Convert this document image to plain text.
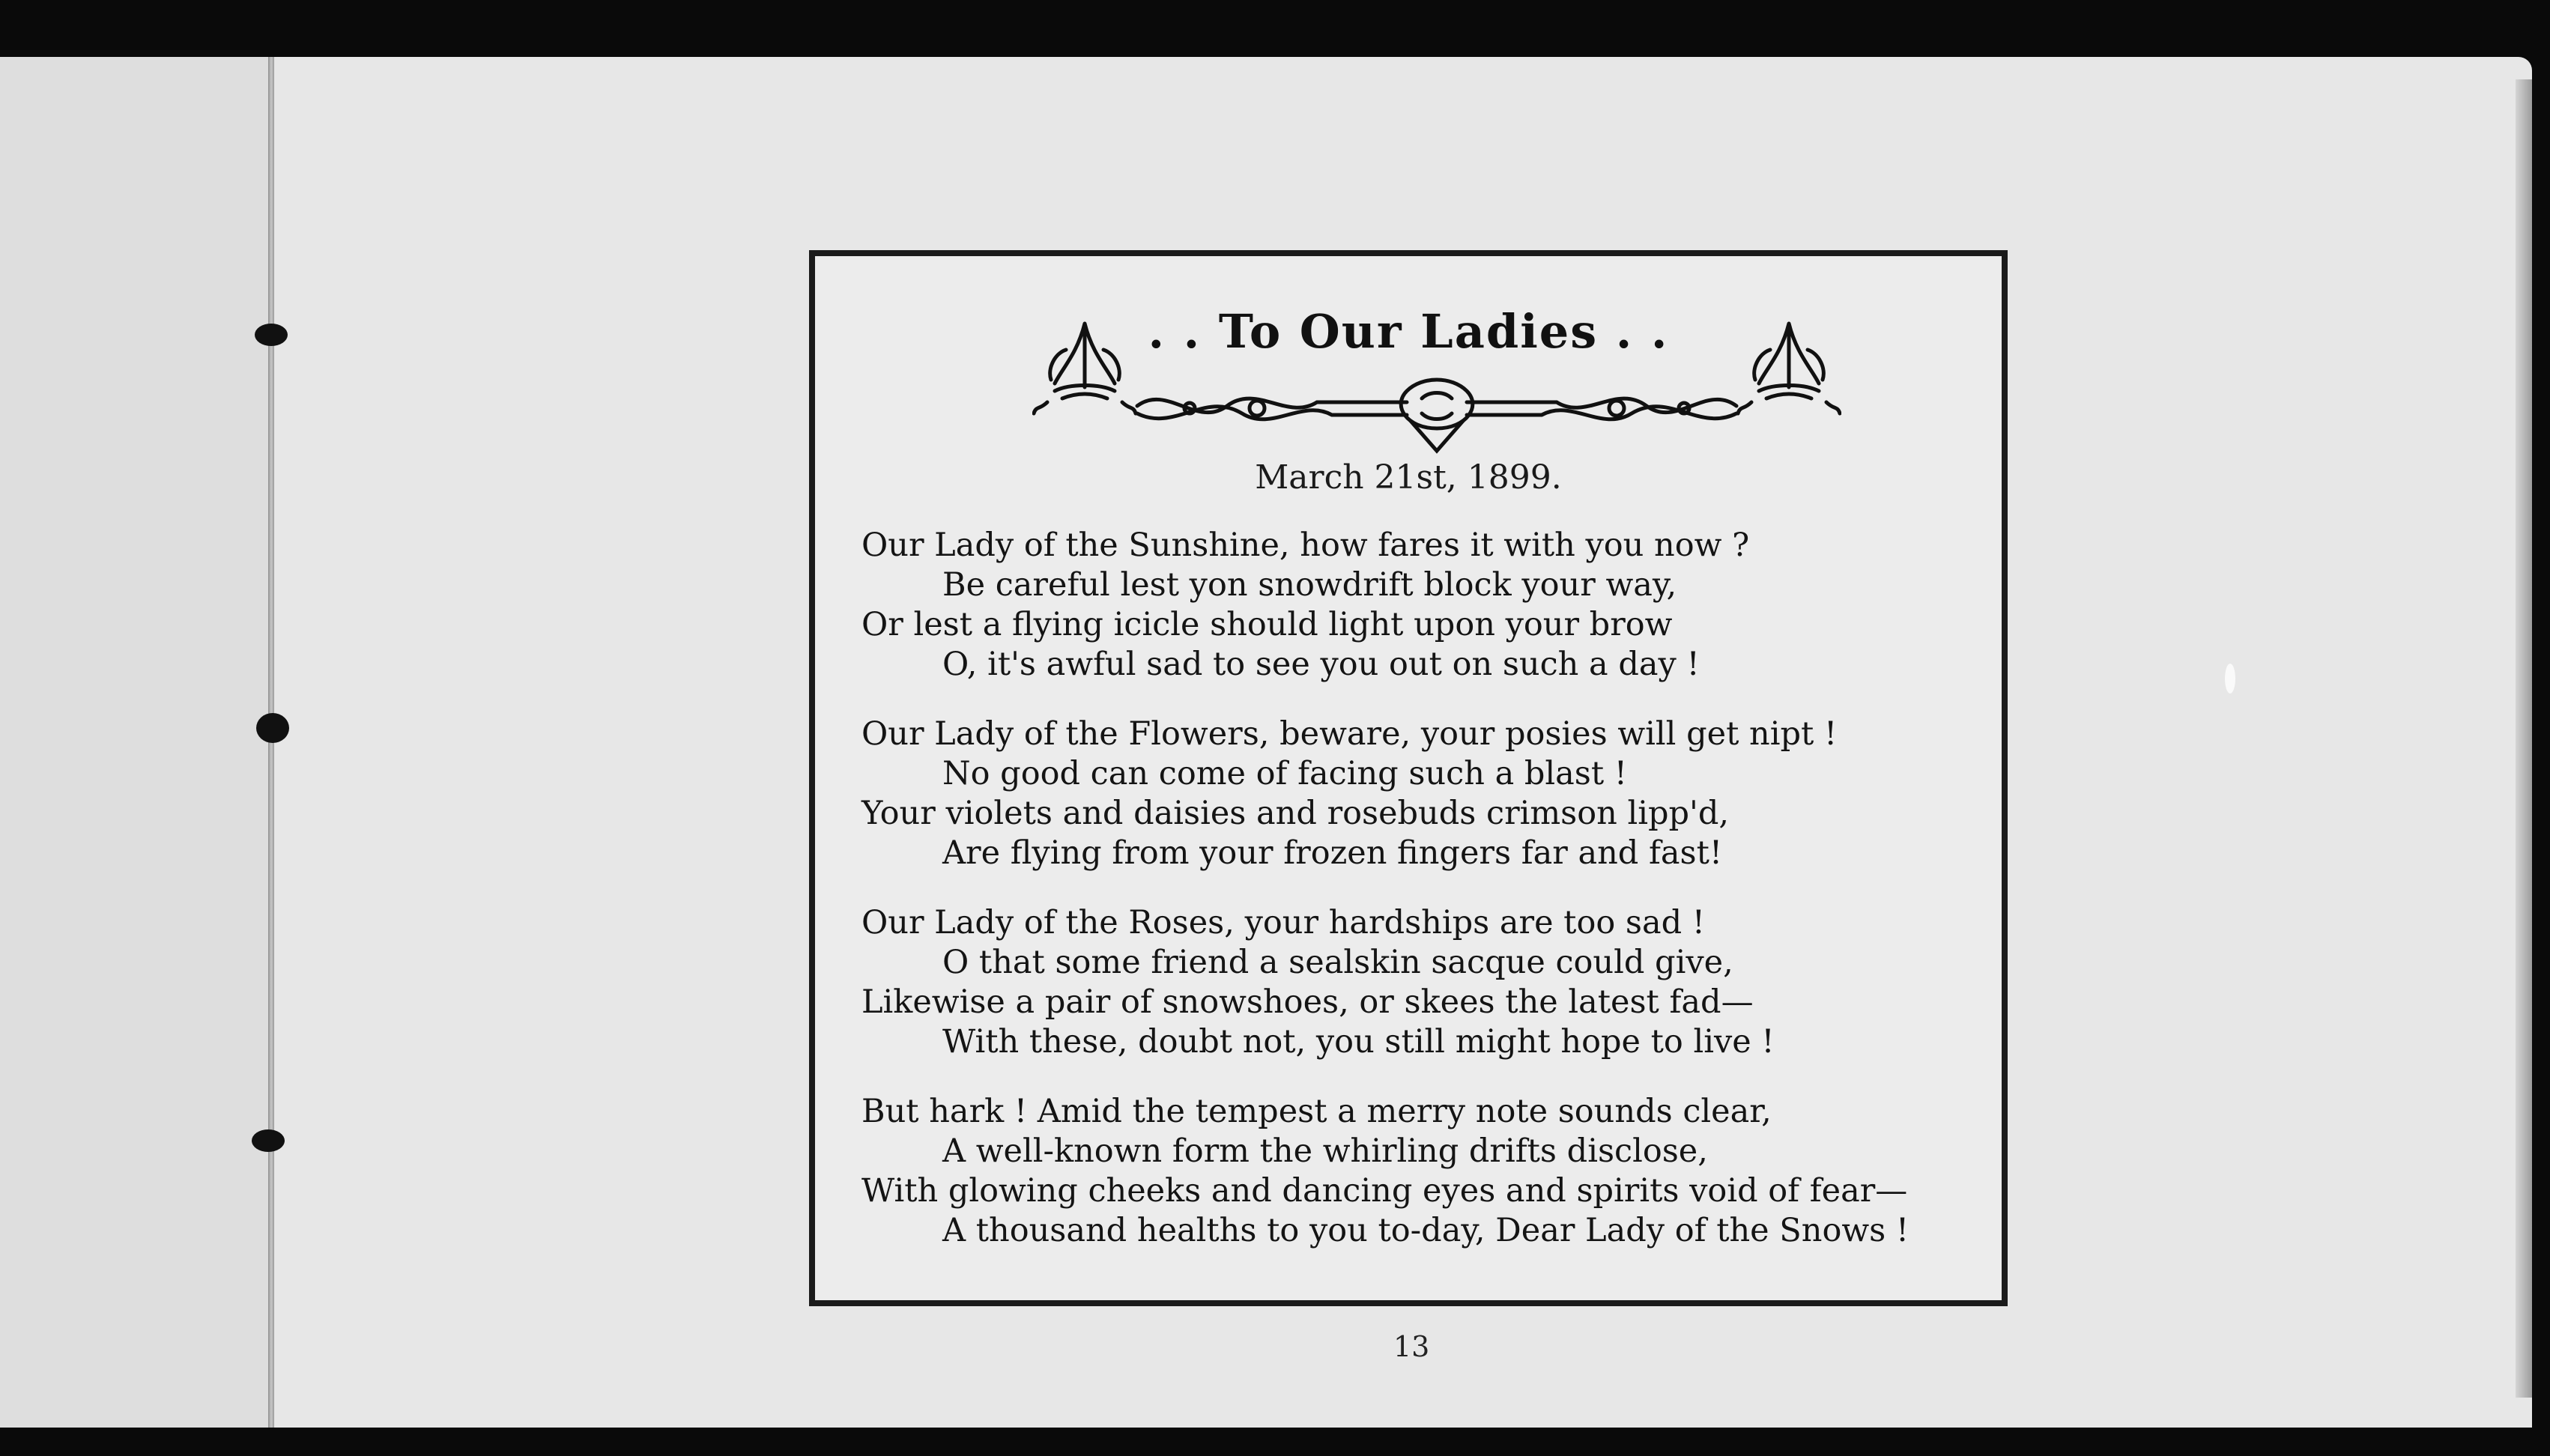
. . To Our Ladies . .
March 21st, 1899.
Our Lady of the Sunshine, how fares it with you now ?
Be careful lest yon snowdrift block your way,
Or lest a flying icicle should light upon your brow
O, it's awful sad to see you out on such a day !
Our Lady of the Flowers, beware, your posies will get nipt !
No good can come of facing such a blast !
Your violets and daisies and rosebuds crimson lipp'd,
Are flying from your frozen fingers far and fast!
Our Lady of the Roses, your hardships are too sad !
O that some friend a sealskin sacque could give,
Likewise a pair of snowshoes, or skees the latest fad—
With these, doubt not, you still might hope to live !
But hark ! Amid the tempest a merry note sounds clear,
A well-known form the whirling drifts disclose,
With glowing cheeks and dancing eyes and spirits void of fear—
A thousand healths to you to-day, Dear Lady of the Snows !
13
